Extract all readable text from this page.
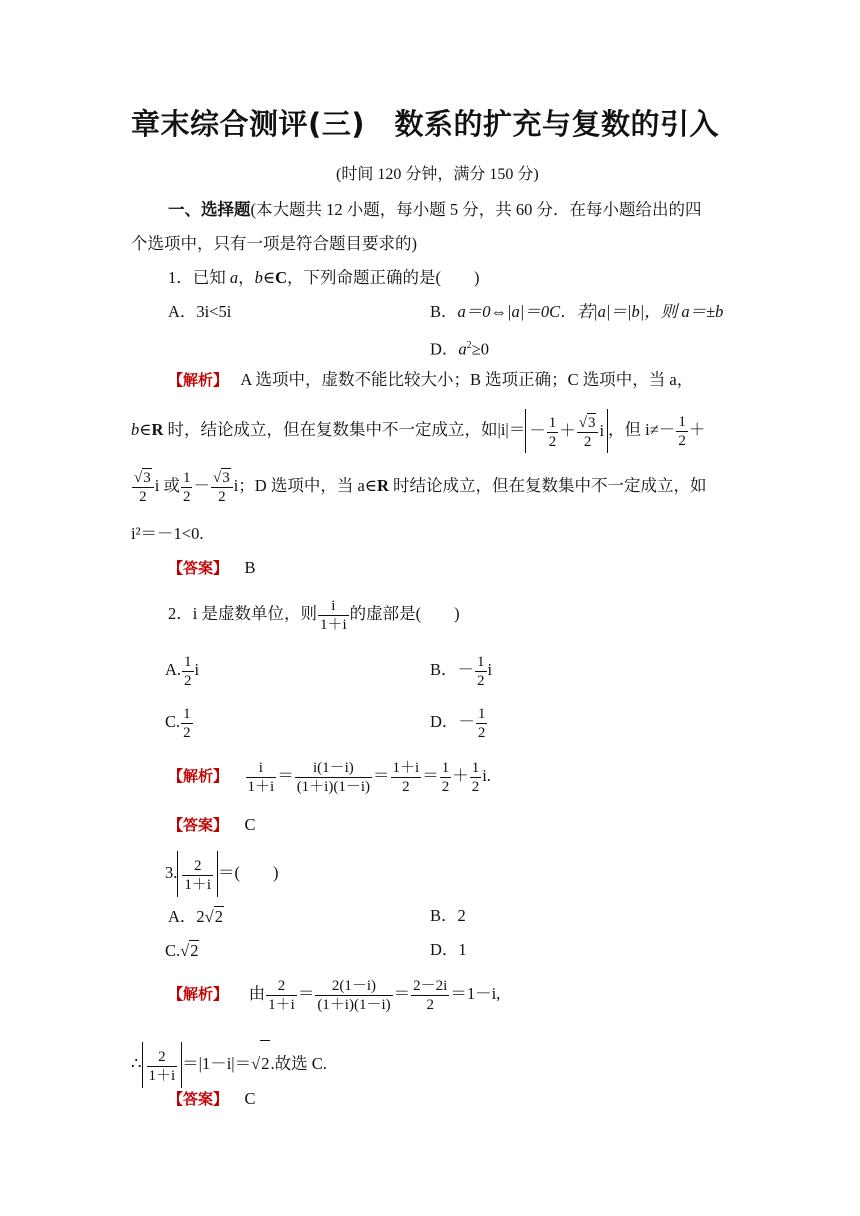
章末综合测评(三)　数系的扩充与复数的引入
(时间 120 分钟，满分 150 分)
一、选择题(本大题共 12 小题，每小题 5 分，共 60 分．在每小题给出的四
个选项中，只有一项是符合题目要求的)
1．已知 a，b∈C，下列命题正确的是(　　)
A．3i<5i	B．a＝0⇔|a|＝0C．若|a|＝|b|，则 a＝±b
D．$a^2\ge 0$
【解析】 A 选项中，虚数不能比较大小；B 选项正确；C 选项中，当 a，
b∈R 时，结论成立，但在复数集中不一定成立，如$|i|= - \frac{1}{2} + \frac{√3}{2}$ i ，但 $i\ne- \frac{1}{2}$ ＋
$\frac{√3}{2}$ i 或 $\frac{1}{2} - \frac{√3}{2}$ i；D 选项中，当 a∈R 时结论成立，但在复数集中不一定成立，如
i²＝－1<0.
【答案】 B
2．i 是虚数单位，则 $\frac{i}{1+i}$ 的虚部是(　　)
A. $\frac{1}{2}$ i	B．－ $\frac{1}{2}$ i
C. $\frac{1}{2}$	D．－ $\frac{1}{2}$
【解析】 $\frac{i}{1+i} = \frac{i(1-i)}{(1+i)(1-i)} = \frac{1+i}{2} = \frac{1}{2} + \frac{1}{2} i$.
【答案】 C
3. $\frac{2}{1+i}$ ＝(　　)
A．2√2	B．2
C.√2	D．1
【解析】 由 $\frac{2}{1+i} = \frac{2(1-i)}{(1+i)(1-i)} = \frac{2-2i}{2} =1-i$,
∴ $\frac{2}{1+i} =|1-i|=√2$.故选 C.
【答案】 C
